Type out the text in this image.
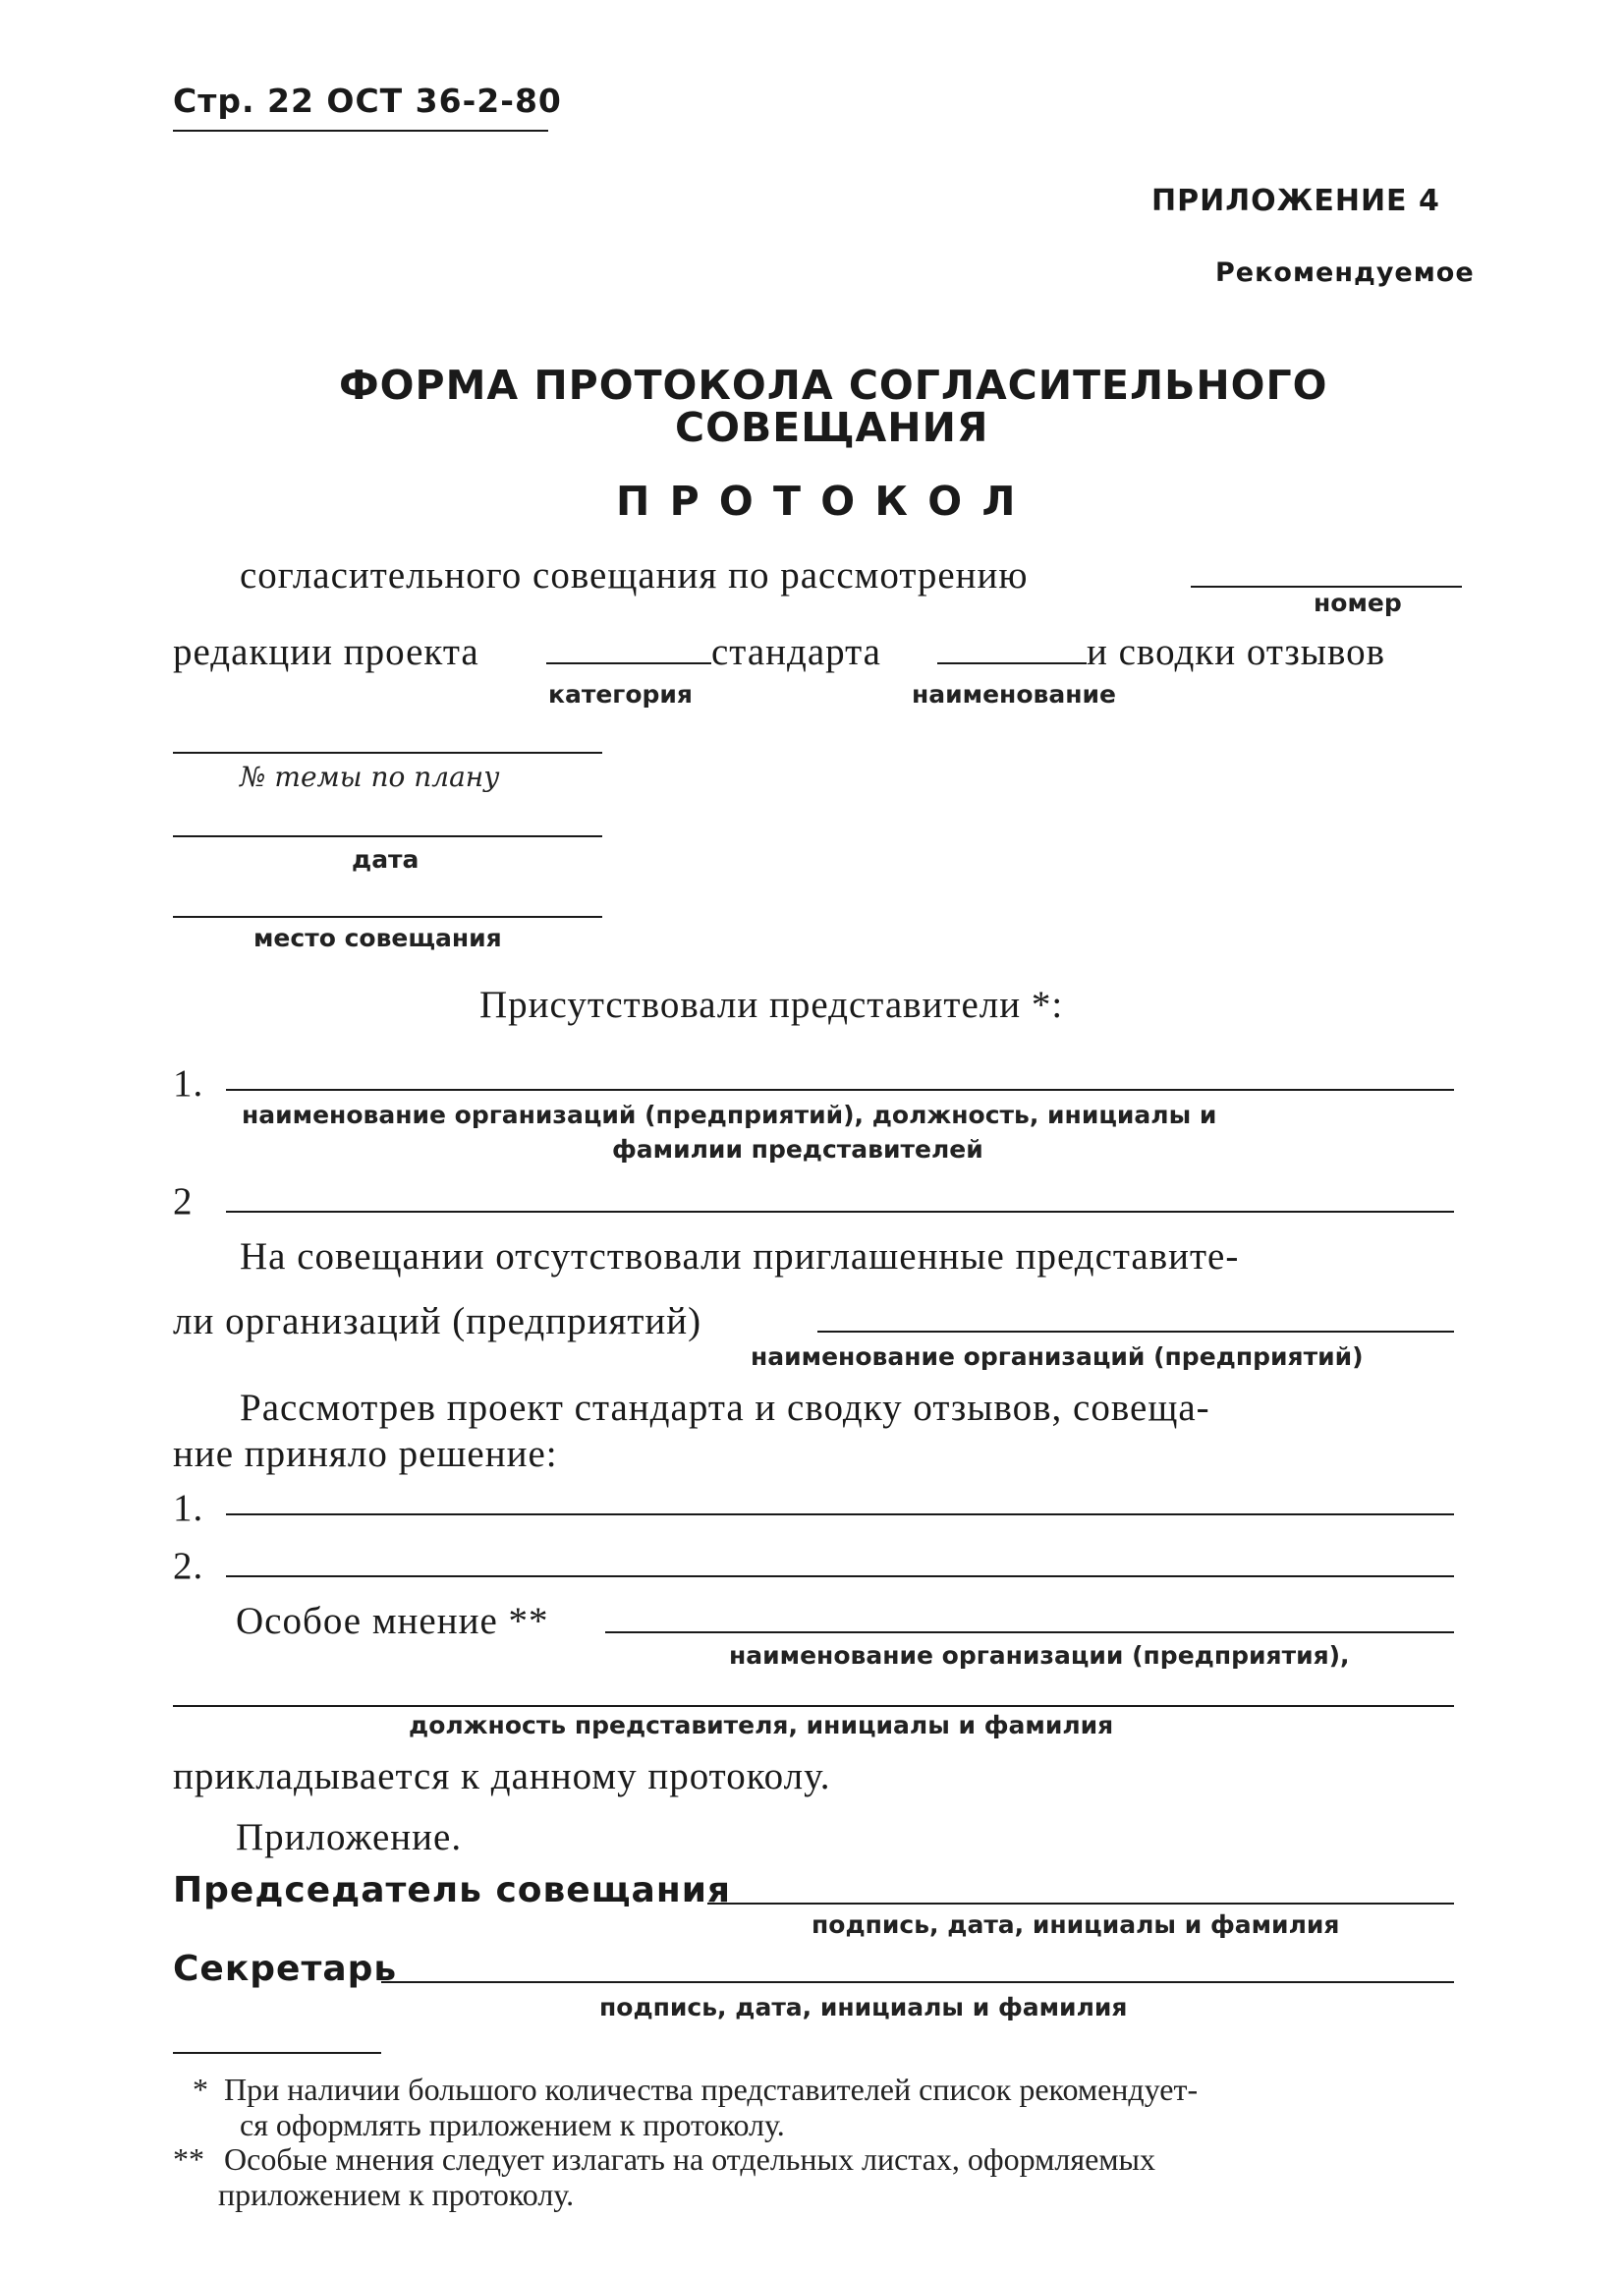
Стр. 22 ОСТ 36-2-80
ПРИЛОЖЕНИЕ 4
Рекомендуемое
ФОРМА ПРОТОКОЛА СОГЛАСИТЕЛЬНОГО
СОВЕЩАНИЯ
П Р О Т О К О Л
согласительного совещания по рассмотрению
номер
редакции проекта	стандарта	и сводки отзывов
категория	наименование
№ темы по плану
дата
место совещания
Присутствовали представители *:
1.
наименование организаций (предприятий), должность, инициалы и
фамилии представителей
2
На совещании отсутствовали приглашенные представите-
ли организаций (предприятий)
наименование организаций (предприятий)
Рассмотрев проект стандарта и сводку отзывов, совеща-
ние приняло решение:
1.
2.
Особое мнение **
наименование организации (предприятия),
должность представителя, инициалы и фамилия
прикладывается к данному протоколу.
Приложение.
Председатель совещания
подпись, дата, инициалы и фамилия
Секретарь
подпись, дата, инициалы и фамилия
* При наличии большого количества представителей список рекомендует-
ся оформлять приложением к протоколу.
** Особые мнения следует излагать на отдельных листах, оформляемых
приложением к протоколу.
